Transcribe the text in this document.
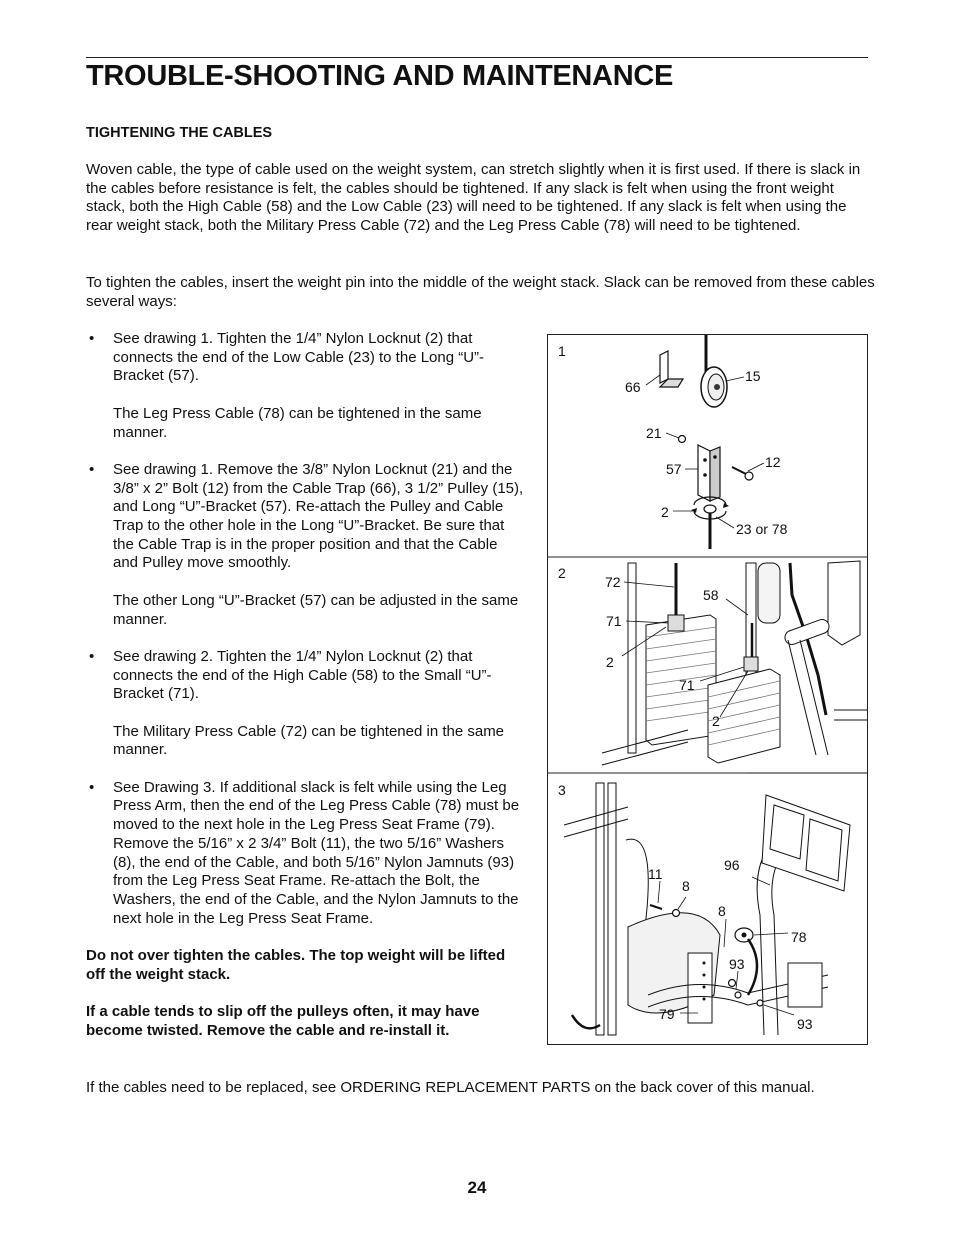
TROUBLE-SHOOTING AND MAINTENANCE
TIGHTENING THE CABLES

Woven cable, the type of cable used on the weight system, can stretch slightly when it is first used. If there is slack in the cables before resistance is felt, the cables should be tightened. If any slack is felt when using the front weight stack, both the High Cable (58) and the Low Cable (23) will need to be tightened. If any slack is felt when using the rear weight stack, both the Military Press Cable (72) and the Leg Press Cable (78) will need to be tightened.

To tighten the cables, insert the weight pin into the middle of the weight stack. Slack can be removed from these cables several ways:

• See drawing 1. Tighten the 1/4” Nylon Locknut (2) that connects the end of the Low Cable (23) to the Long “U”-Bracket (57).

The Leg Press Cable (78) can be tightened in the same manner.

• See drawing 1. Remove the 3/8” Nylon Locknut (21) and the 3/8” x 2” Bolt (12) from the Cable Trap (66), 3 1/2” Pulley (15), and Long “U”-Bracket (57). Re-attach the Pulley and Cable Trap to the other hole in the Long “U”-Bracket. Be sure that the Cable Trap is in the proper position and that the Cable and Pulley move smoothly.

The other Long “U”-Bracket (57) can be adjusted in the same manner.

• See drawing 2. Tighten the 1/4” Nylon Locknut (2) that connects the end of the High Cable (58) to the Small “U”-Bracket (71).

The Military Press Cable (72) can be tightened in the same manner.

• See Drawing 3. If additional slack is felt while using the Leg Press Arm, then the end of the Leg Press Cable (78) must be moved to the next hole in the Leg Press Seat Frame (79). Remove the 5/16” x 2 3/4” Bolt (11), the two 5/16” Washers (8), the end of the Cable, and both 5/16” Nylon Jamnuts (93) from the Leg Press Seat Frame. Re-attach the Bolt, the Washers, the end of the Cable, and the Nylon Jamnuts to the next hole in the Leg Press Seat Frame.

Do not over tighten the cables. The top weight will be lifted off the weight stack.

If a cable tends to slip off the pulleys often, it may have become twisted. Remove the cable and re-install it.

1
66
15
21
57	12
2
23 or 78
2
72
58
71
2
71
2
3
11
8
96
8
78
93
79
93

If the cables need to be replaced, see ORDERING REPLACEMENT PARTS on the back cover of this manual.

24
